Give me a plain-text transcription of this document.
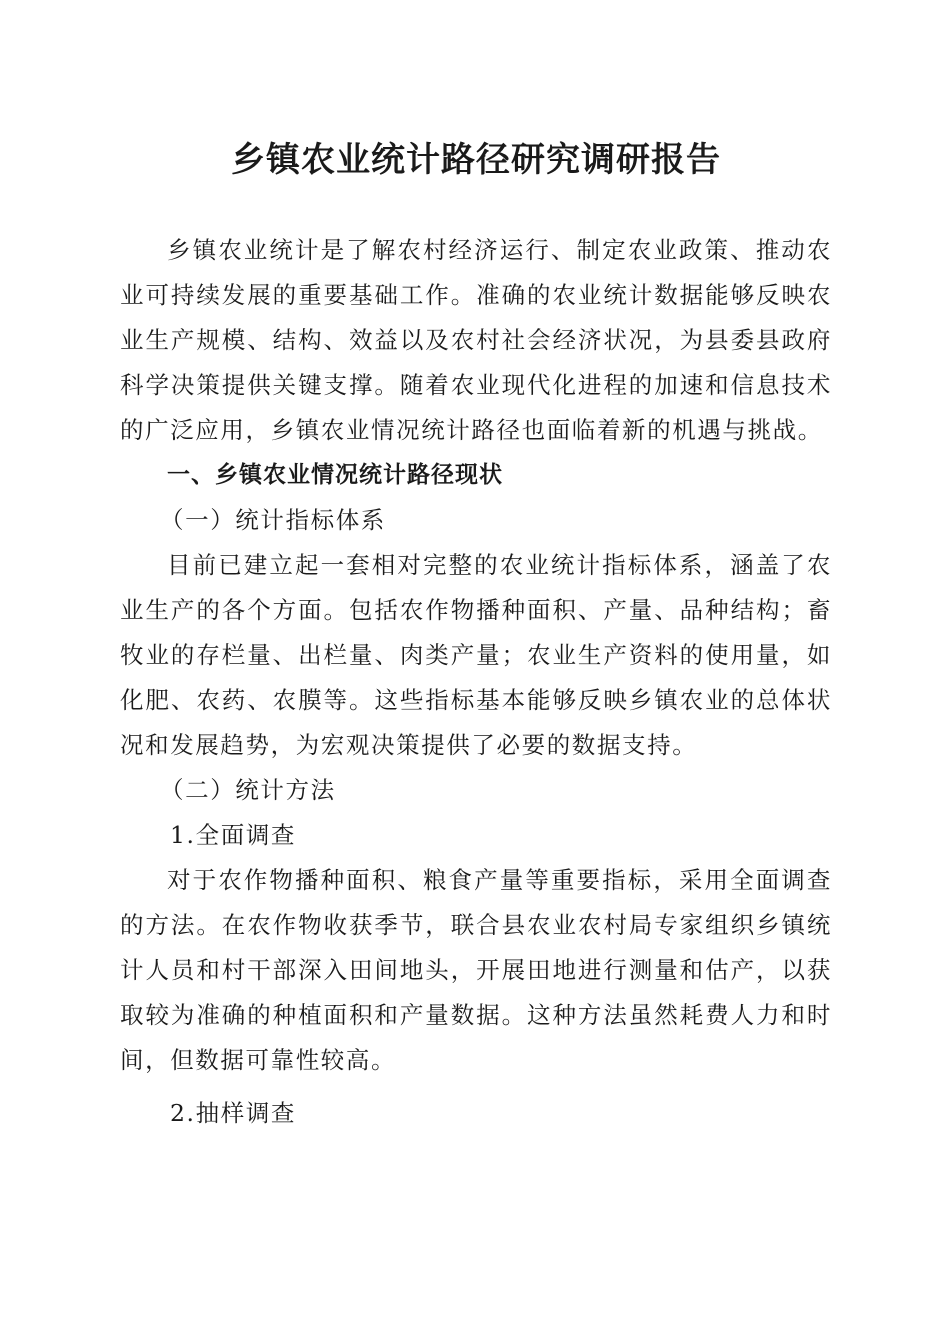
乡镇农业统计路径研究调研报告

乡镇农业统计是了解农村经济运行、制定农业政策、推动农业可持续发展的重要基础工作。准确的农业统计数据能够反映农业生产规模、结构、效益以及农村社会经济状况，为县委县政府科学决策提供关键支撑。随着农业现代化进程的加速和信息技术的广泛应用，乡镇农业情况统计路径也面临着新的机遇与挑战。

一、乡镇农业情况统计路径现状

（一）统计指标体系

目前已建立起一套相对完整的农业统计指标体系，涵盖了农业生产的各个方面。包括农作物播种面积、产量、品种结构；畜牧业的存栏量、出栏量、肉类产量；农业生产资料的使用量，如化肥、农药、农膜等。这些指标基本能够反映乡镇农业的总体状况和发展趋势，为宏观决策提供了必要的数据支持。

（二）统计方法

1.全面调查

对于农作物播种面积、粮食产量等重要指标，采用全面调查的方法。在农作物收获季节，联合县农业农村局专家组织乡镇统计人员和村干部深入田间地头，开展田地进行测量和估产，以获取较为准确的种植面积和产量数据。这种方法虽然耗费人力和时间，但数据可靠性较高。

2.抽样调查
